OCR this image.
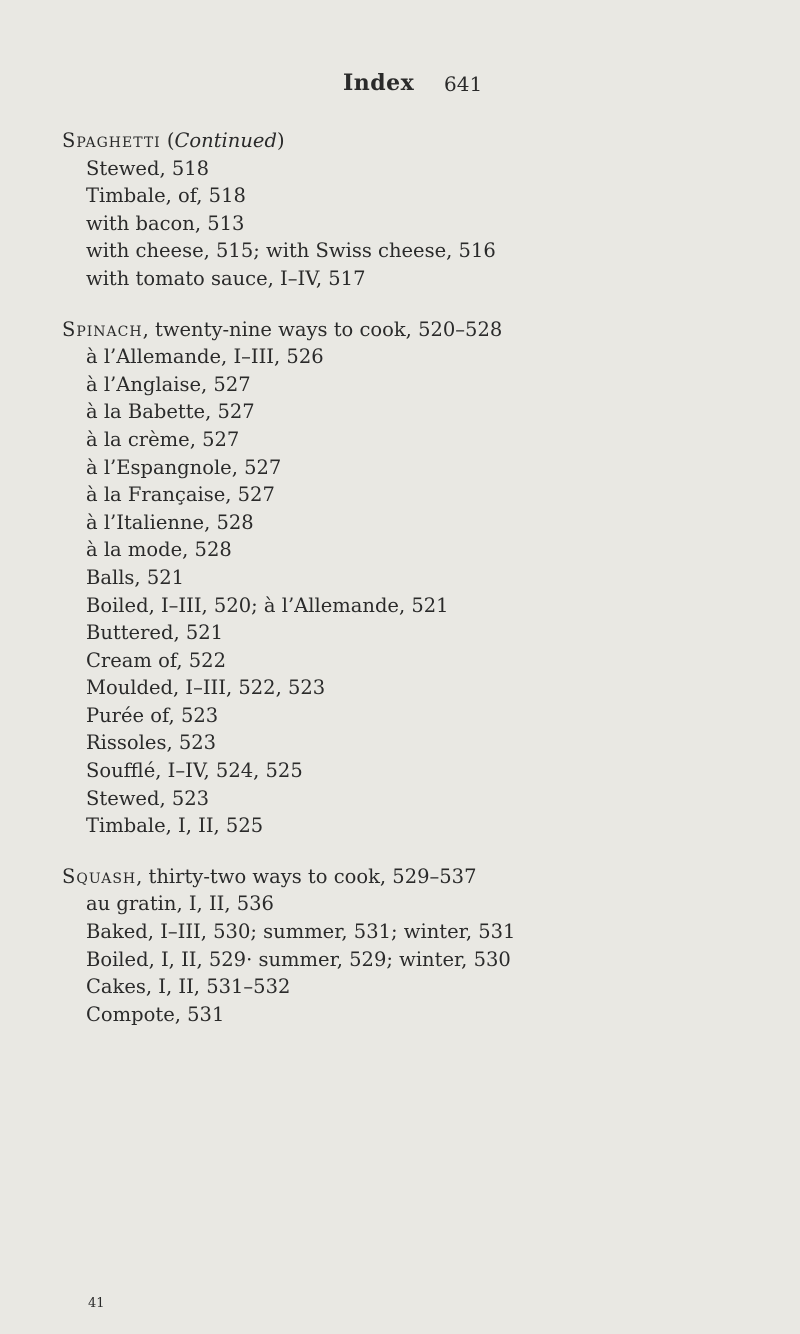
Index 641
Spaghetti (Continued)
Stewed, 518
Timbale, of, 518
with bacon, 513
with cheese, 515; with Swiss cheese, 516
with tomato sauce, I–IV, 517
Spinach, twenty-nine ways to cook, 520–528
à l’Allemande, I–III, 526
à l’Anglaise, 527
à la Babette, 527
à la crème, 527
à l’Espangnole, 527
à la Française, 527
à l’Italienne, 528
à la mode, 528
Balls, 521
Boiled, I–III, 520; à l’Allemande, 521
Buttered, 521
Cream of, 522
Moulded, I–III, 522, 523
Purée of, 523
Rissoles, 523
Soufflé, I–IV, 524, 525
Stewed, 523
Timbale, I, II, 525
Squash, thirty-two ways to cook, 529–537
au gratin, I, II, 536
Baked, I–III, 530; summer, 531; winter, 531
Boiled, I, II, 529· summer, 529; winter, 530
Cakes, I, II, 531–532
Compote, 531
41
